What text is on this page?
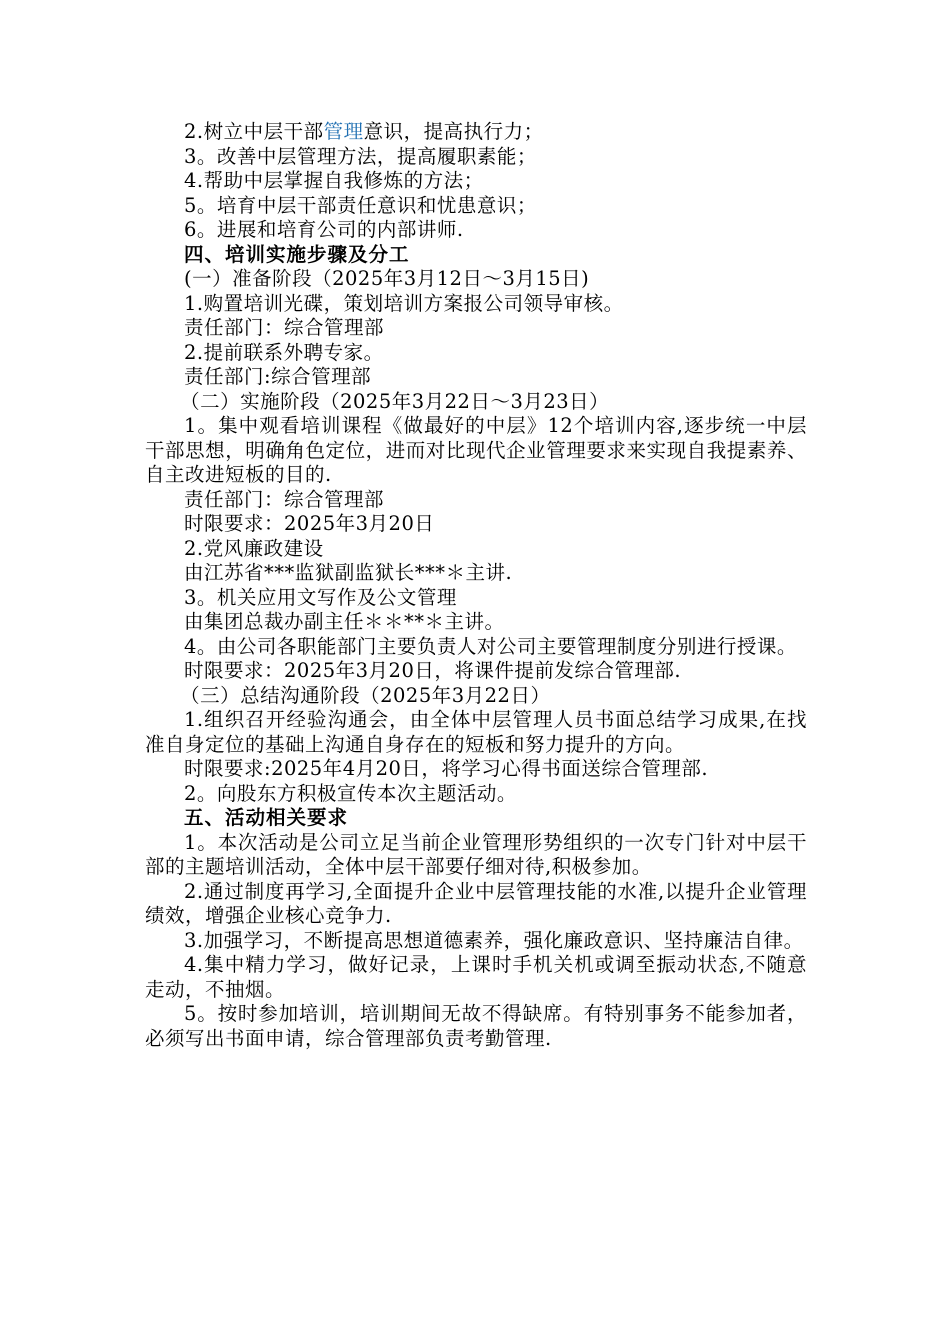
2.树立中层干部管理意识，提高执行力；

3。改善中层管理方法，提高履职素能；

4.帮助中层掌握自我修炼的方法；

5。培育中层干部责任意识和忧患意识；

6。进展和培育公司的内部讲师.

四、培训实施步骤及分工

(一）准备阶段（2025年3月12日～3月15日)

1.购置培训光碟，策划培训方案报公司领导审核。

责任部门：综合管理部

2.提前联系外聘专家。

责任部门:综合管理部

（二）实施阶段（2025年3月22日～3月23日）

1。集中观看培训课程《做最好的中层》12个培训内容,逐步统一中层干部思想，明确角色定位，进而对比现代企业管理要求来实现自我提素养、自主改进短板的目的.

责任部门：综合管理部

时限要求：2025年3月20日

2.党风廉政建设

由江苏省***监狱副监狱长***＊主讲.

3。机关应用文写作及公文管理

由集团总裁办副主任＊＊**＊主讲。

4。由公司各职能部门主要负责人对公司主要管理制度分别进行授课。

时限要求：2025年3月20日，将课件提前发综合管理部.

（三）总结沟通阶段（2025年3月22日）

1.组织召开经验沟通会，由全体中层管理人员书面总结学习成果,在找准自身定位的基础上沟通自身存在的短板和努力提升的方向。

时限要求:2025年4月20日，将学习心得书面送综合管理部.

2。向股东方积极宣传本次主题活动。

五、活动相关要求

1。本次活动是公司立足当前企业管理形势组织的一次专门针对中层干部的主题培训活动，全体中层干部要仔细对待,积极参加。

2.通过制度再学习,全面提升企业中层管理技能的水准,以提升企业管理绩效，增强企业核心竞争力.

3.加强学习，不断提高思想道德素养，强化廉政意识、坚持廉洁自律。

4.集中精力学习，做好记录，上课时手机关机或调至振动状态,不随意走动，不抽烟。

5。按时参加培训，培训期间无故不得缺席。有特别事务不能参加者，必须写出书面申请，综合管理部负责考勤管理.
